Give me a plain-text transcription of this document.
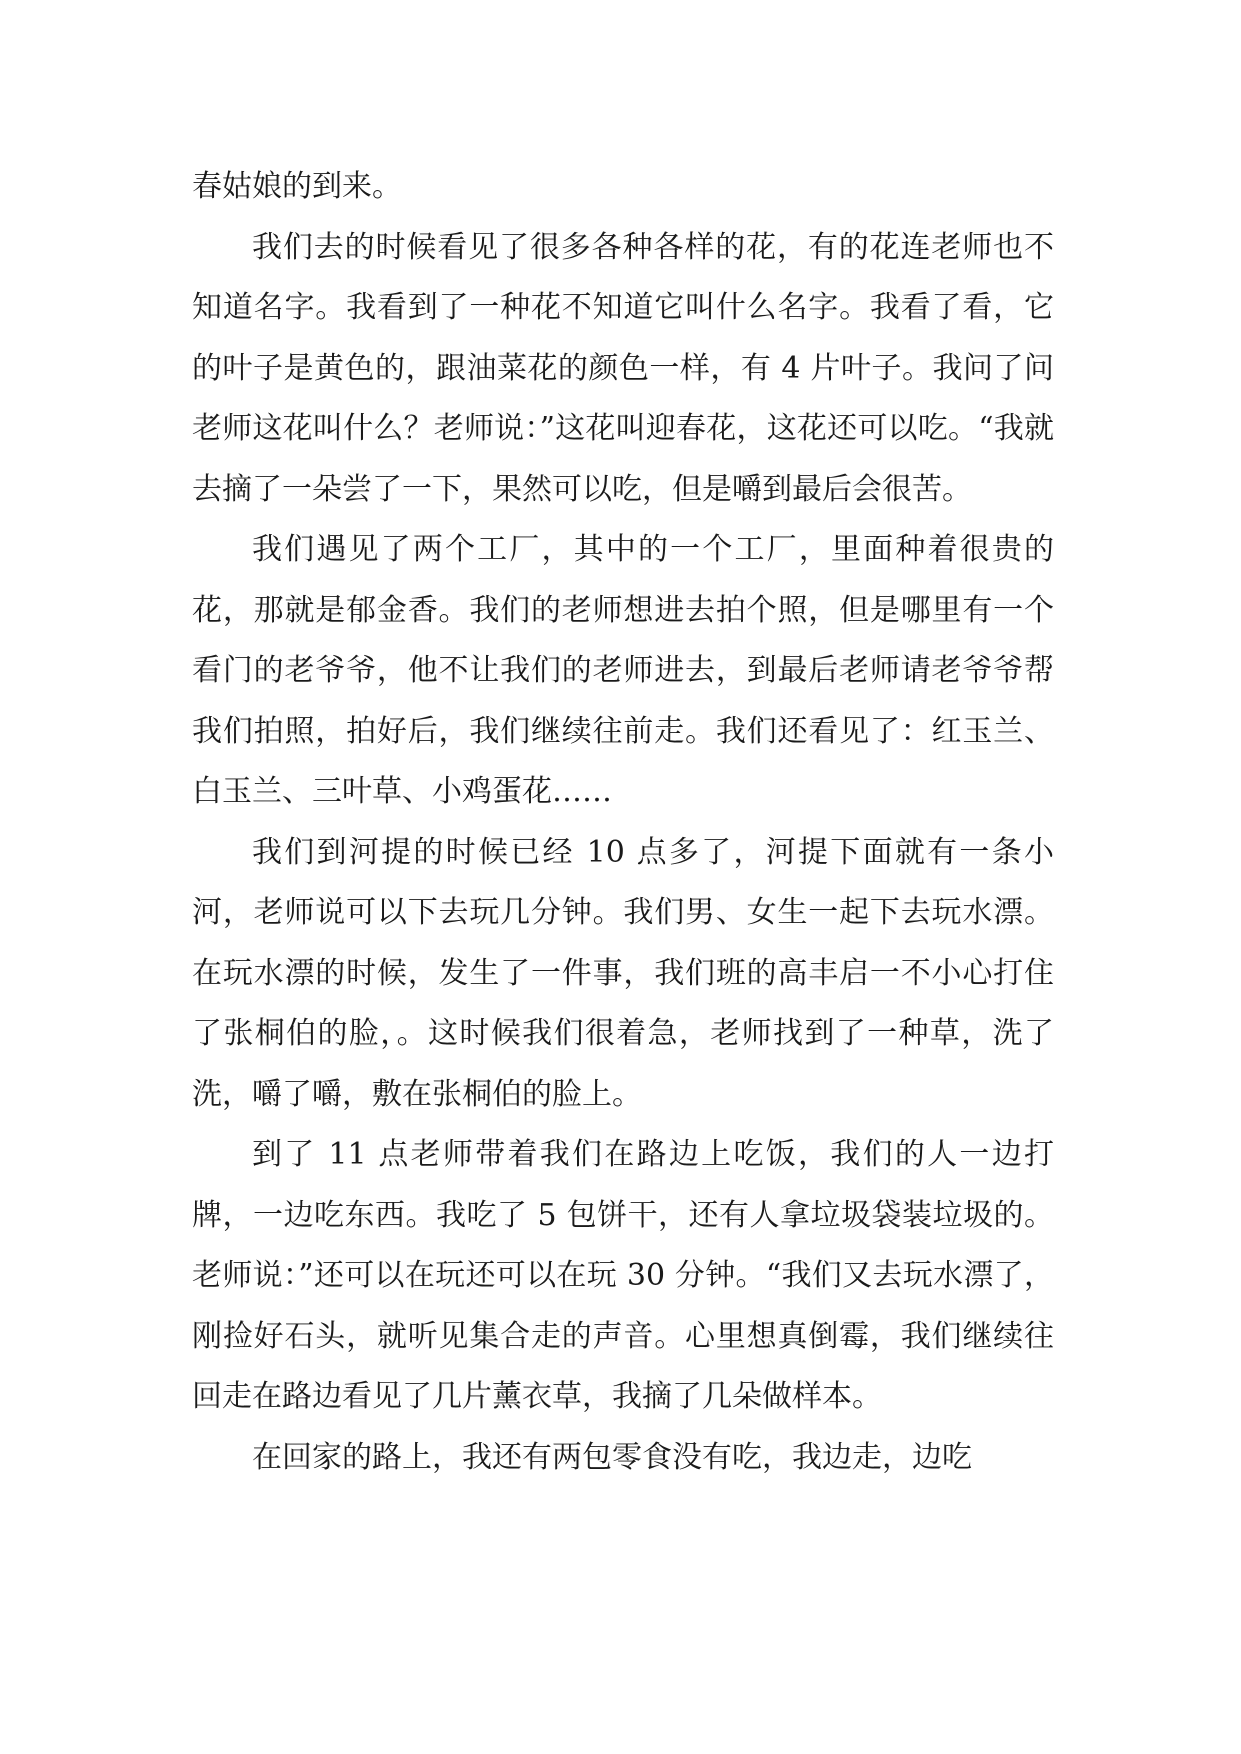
春姑娘的到来。

我们去的时候看见了很多各种各样的花，有的花连老师也不知道名字。我看到了一种花不知道它叫什么名字。我看了看，它的叶子是黄色的，跟油菜花的颜色一样，有 4 片叶子。我问了问老师这花叫什么？老师说：”这花叫迎春花，这花还可以吃。“我就去摘了一朵尝了一下，果然可以吃，但是嚼到最后会很苦。

我们遇见了两个工厂，其中的一个工厂，里面种着很贵的花，那就是郁金香。我们的老师想进去拍个照，但是哪里有一个看门的老爷爷，他不让我们的老师进去，到最后老师请老爷爷帮我们拍照，拍好后，我们继续往前走。我们还看见了：红玉兰、白玉兰、三叶草、小鸡蛋花……

我们到河提的时候已经 10 点多了，河提下面就有一条小河，老师说可以下去玩几分钟。我们男、女生一起下去玩水漂。在玩水漂的时候，发生了一件事，我们班的高丰启一不小心打住了张桐伯的脸，。这时候我们很着急，老师找到了一种草，洗了洗，嚼了嚼，敷在张桐伯的脸上。

到了 11 点老师带着我们在路边上吃饭，我们的人一边打牌，一边吃东西。我吃了 5 包饼干，还有人拿垃圾袋装垃圾的。老师说：”还可以在玩还可以在玩 30 分钟。“我们又去玩水漂了，刚捡好石头，就听见集合走的声音。心里想真倒霉，我们继续往回走在路边看见了几片薰衣草，我摘了几朵做样本。

在回家的路上，我还有两包零食没有吃，我边走，边吃
